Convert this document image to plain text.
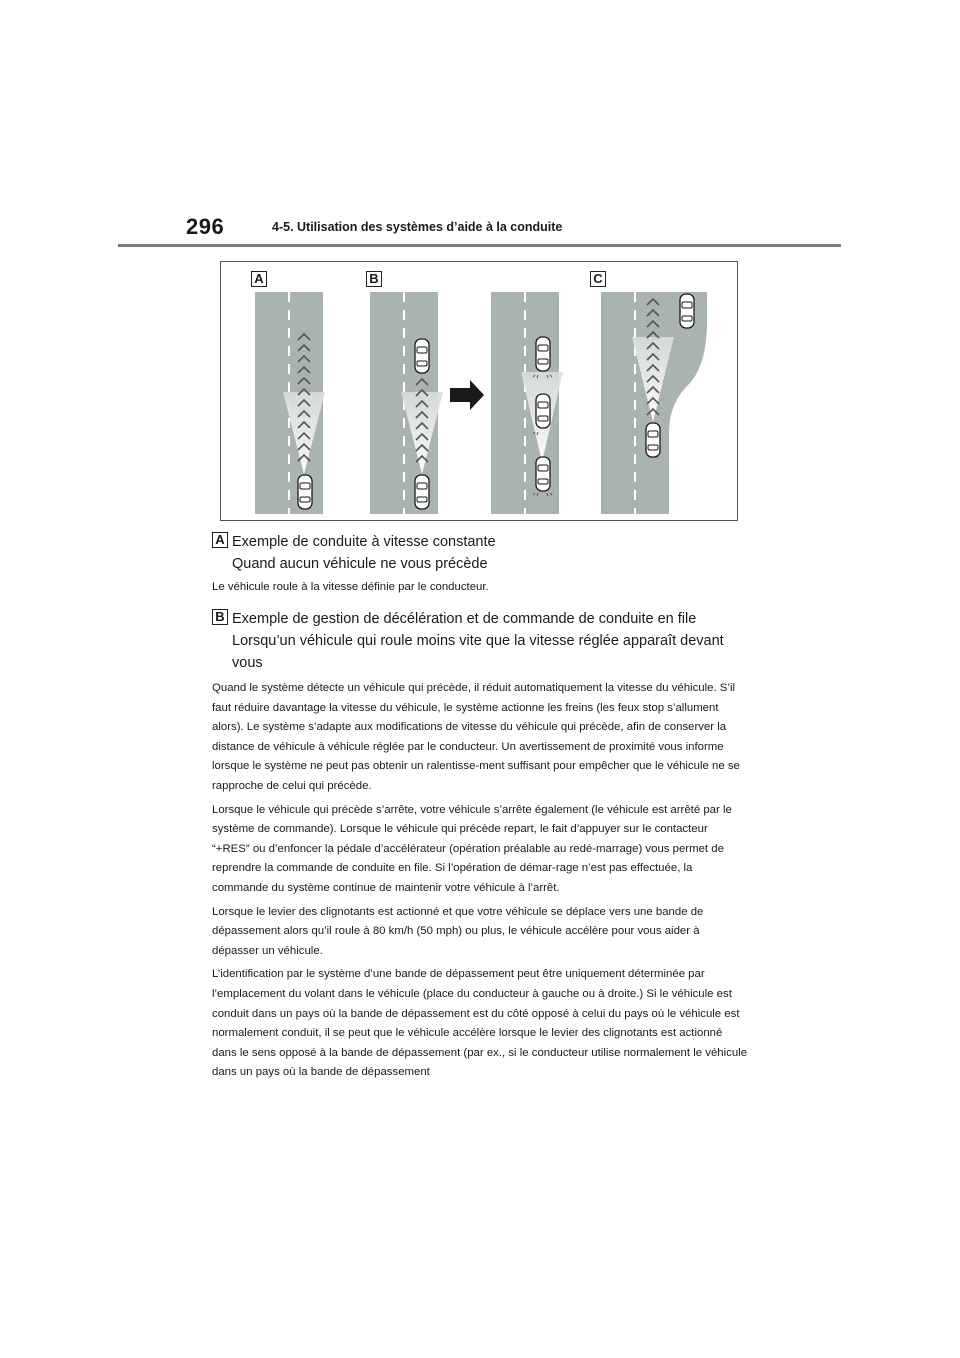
296	4-5. Utilisation des systèmes d’aide à la conduite
A	B	C
A Exemple de conduite à vitesse constante
Quand aucun véhicule ne vous précède

Le véhicule roule à la vitesse définie par le conducteur.

B Exemple de gestion de décélération et de commande de conduite en file
Lorsqu’un véhicule qui roule moins vite que la vitesse réglée apparaît devant
vous

Quand le système détecte un véhicule qui précède, il réduit automatiquement la vitesse du véhicule. S’il faut réduire davantage la vitesse du véhicule, le système actionne les freins (les feux stop s’allument alors). Le système s’adapte aux modifications de vitesse du véhicule qui précède, afin de conserver la distance de véhicule à véhicule réglée par le conducteur. Un avertissement de proximité vous informe lorsque le système ne peut pas obtenir un ralentisse-ment suffisant pour empêcher que le véhicule ne se rapproche de celui qui précède.

Lorsque le véhicule qui précède s’arrête, votre véhicule s’arrête également (le véhicule est arrêté par le système de commande). Lorsque le véhicule qui précède repart, le fait d’appuyer sur le contacteur “+RES” ou d’enfoncer la pédale d’accélérateur (opération préalable au redé-marrage) vous permet de reprendre la commande de conduite en file. Si l’opération de démar-rage n’est pas effectuée, la commande du système continue de maintenir votre véhicule à l’arrêt.

Lorsque le levier des clignotants est actionné et que votre véhicule se déplace vers une bande de dépassement alors qu’il roule à 80 km/h (50 mph) ou plus, le véhicule accélère pour vous aider à dépasser un véhicule.

L’identification par le système d’une bande de dépassement peut être uniquement déterminée par l’emplacement du volant dans le véhicule (place du conducteur à gauche ou à droite.) Si le véhicule est conduit dans un pays où la bande de dépassement est du côté opposé à celui du pays où le véhicule est normalement conduit, il se peut que le véhicule accélère lorsque le levier des clignotants est actionné dans le sens opposé à la bande de dépassement (par ex., si le conducteur utilise normalement le véhicule dans un pays où la bande de dépassement
